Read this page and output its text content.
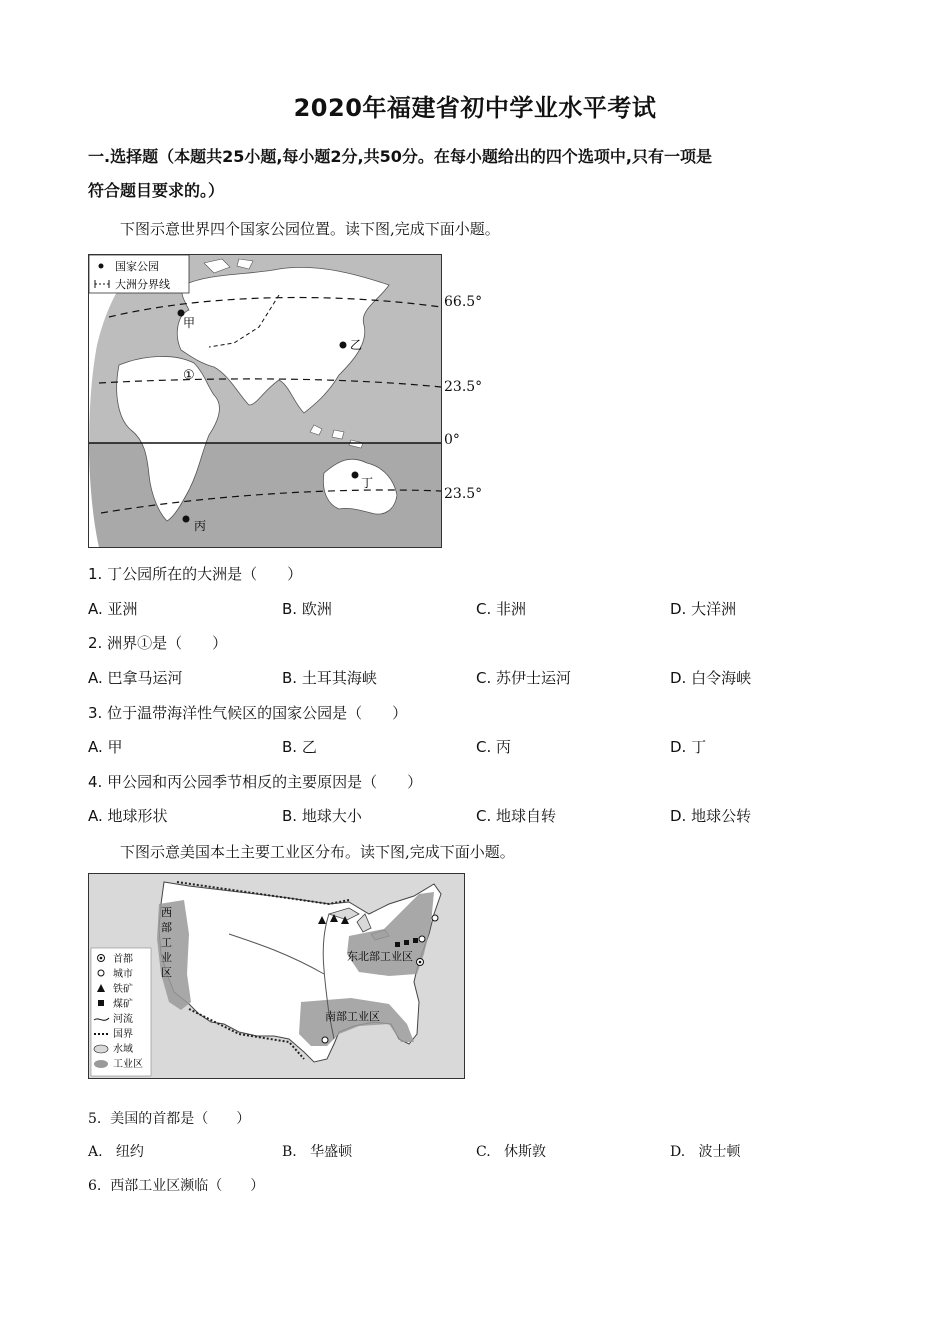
2020年福建省初中学业水平考试
一.选择题（本题共25小题,每小题2分,共50分。在每小题给出的四个选项中,只有一项是
符合题目要求的。）
下图示意世界四个国家公园位置。读下图,完成下面小题。
国家公园
大洲分界线
甲
乙
丙
丁
①
66.5°
23.5°
0°
23.5°
1. 丁公园所在的大洲是（　　）
A. 亚洲	B. 欧洲	C. 非洲	D. 大洋洲
2. 洲界①是（　　）
A. 巴拿马运河	B. 土耳其海峡	C. 苏伊士运河	D. 白令海峡
3. 位于温带海洋性气候区的国家公园是（　　）
A. 甲	B. 乙	C. 丙	D. 丁
4. 甲公园和丙公园季节相反的主要原因是（　　）
A. 地球形状	B. 地球大小	C. 地球自转	D. 地球公转
下图示意美国本土主要工业区分布。读下图,完成下面小题。
西
部
工
业
区
东北部工业区
南部工业区
首都
城市
铁矿
煤矿
河流
国界
水域
工业区
5. 美国的首都是（　　）
A. 纽约	B. 华盛顿	C. 休斯敦	D. 波士顿
6. 西部工业区濒临（　　）
